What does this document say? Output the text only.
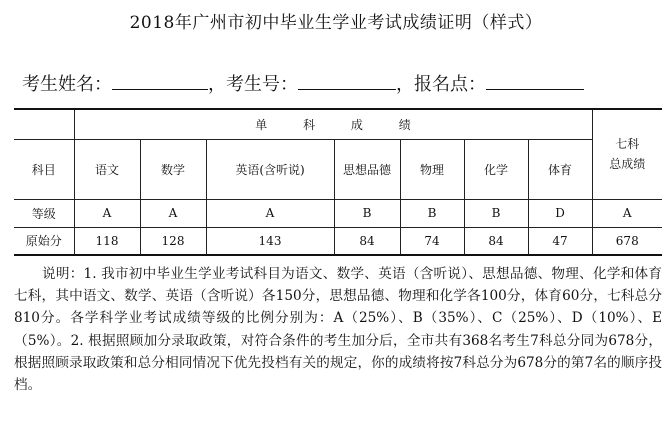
2018年广州市初中毕业生学业考试成绩证明（样式）
考生姓名：	，考生号：	，报名点：
	单 科 成 绩							七科
总成绩
科目	语文	数学	英语(含听说)	思想品德	物理	化学	体育	
等级	A	A	A	B	B	B	D	A
原始分	118	128	143	84	74	84	47	678
说明：1. 我市初中毕业生学业考试科目为语文、数学、英语（含听说）、思想品德、物理、化学和体育七科，其中语文、数学、英语（含听说）各150分，思想品德、物理和化学各100分，体育60分，七科总分810分。各学科学业考试成绩等级的比例分别为：A（25%）、B（35%）、C（25%）、D（10%）、E（5%）。2. 根据照顾加分录取政策，对符合条件的考生加分后，全市共有368名考生7科总分同为678分，根据照顾录取政策和总分相同情况下优先投档有关的规定，你的成绩将按7科总分为678分的第7名的顺序投档。
